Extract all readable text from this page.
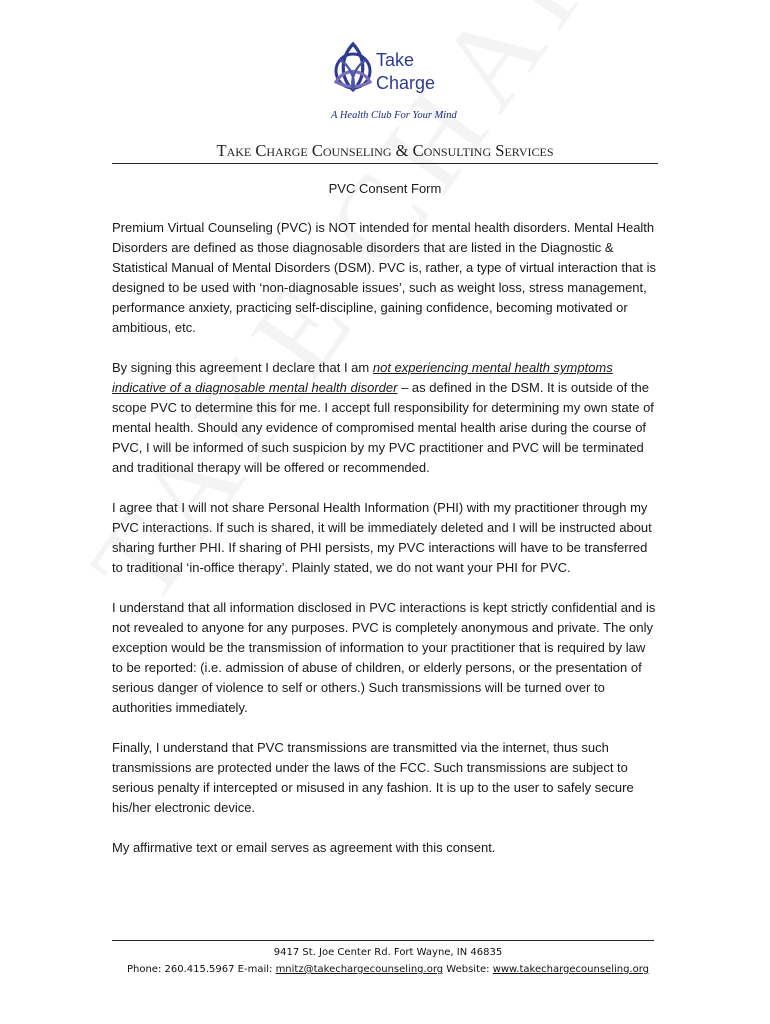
Take
Charge
A Health Club For Your Mind
Take Charge Counseling & Consulting Services
PVC Consent Form

Premium Virtual Counseling (PVC) is NOT intended for mental health disorders. Mental Health Disorders are defined as those diagnosable disorders that are listed in the Diagnostic & Statistical Manual of Mental Disorders (DSM). PVC is, rather, a type of virtual interaction that is designed to be used with ‘non-diagnosable issues’, such as weight loss, stress management, performance anxiety, practicing self-discipline, gaining confidence, becoming motivated or ambitious, etc.

By signing this agreement I declare that I am not experiencing mental health symptoms indicative of a diagnosable mental health disorder – as defined in the DSM. It is outside of the scope PVC to determine this for me. I accept full responsibility for determining my own state of mental health. Should any evidence of compromised mental health arise during the course of PVC, I will be informed of such suspicion by my PVC practitioner and PVC will be terminated and traditional therapy will be offered or recommended.

I agree that I will not share Personal Health Information (PHI) with my practitioner through my PVC interactions. If such is shared, it will be immediately deleted and I will be instructed about sharing further PHI. If sharing of PHI persists, my PVC interactions will have to be transferred to traditional ‘in-office therapy’. Plainly stated, we do not want your PHI for PVC.

I understand that all information disclosed in PVC interactions is kept strictly confidential and is not revealed to anyone for any purposes. PVC is completely anonymous and private. The only exception would be the transmission of information to your practitioner that is required by law to be reported: (i.e. admission of abuse of children, or elderly persons, or the presentation of serious danger of violence to self or others.) Such transmissions will be turned over to authorities immediately.

Finally, I understand that PVC transmissions are transmitted via the internet, thus such transmissions are protected under the laws of the FCC. Such transmissions are subject to serious penalty if intercepted or misused in any fashion. It is up to the user to safely secure his/her electronic device.

My affirmative text or email serves as agreement with this consent.

9417 St. Joe Center Rd. Fort Wayne, IN 46835
Phone: 260.415.5967 E-mail: mnitz@takechargecounseling.org Website: www.takechargecounseling.org
